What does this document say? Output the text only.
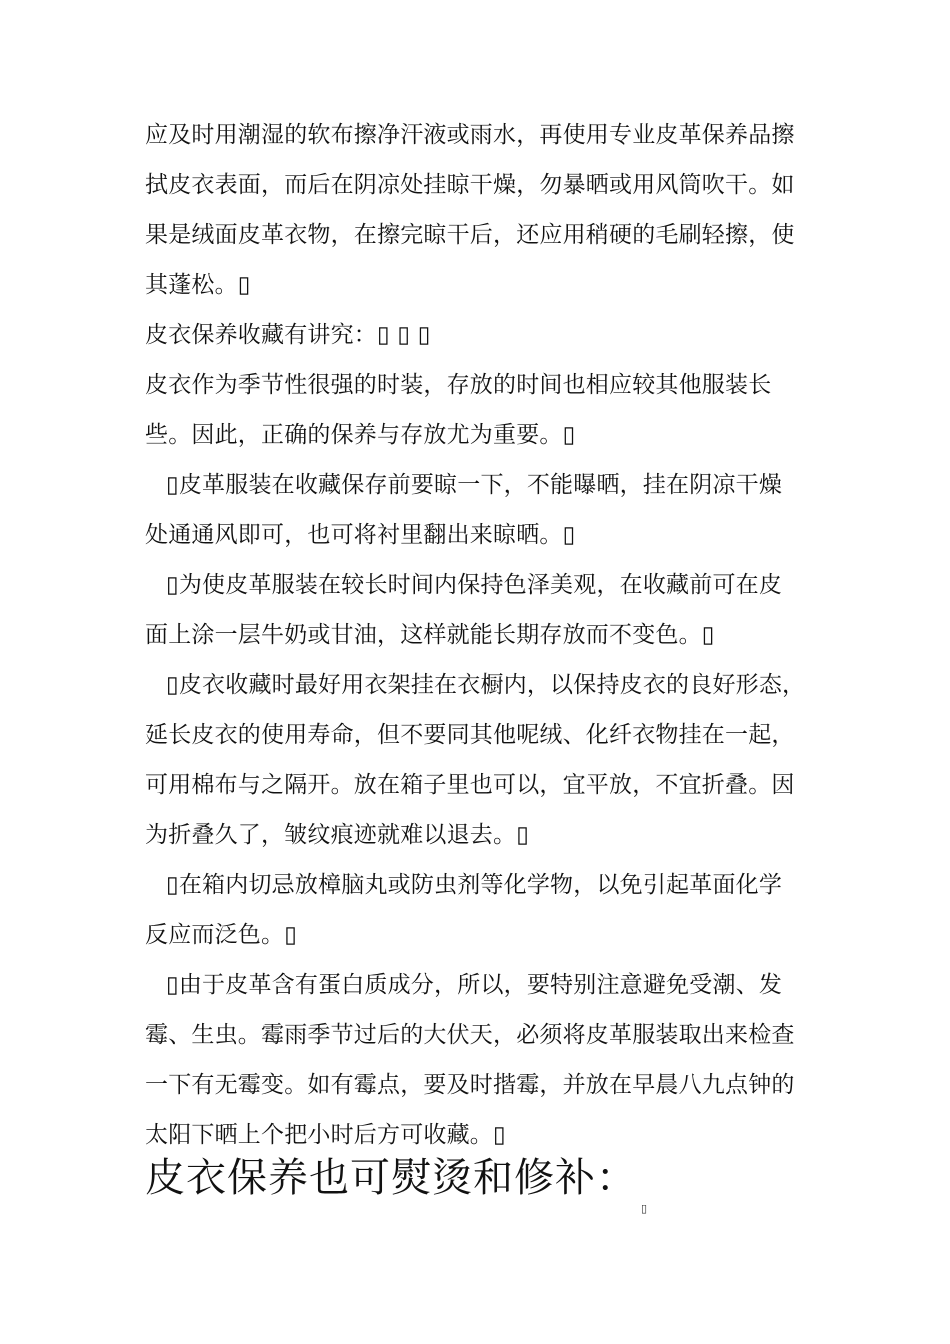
应及时用潮湿的软布擦净汗液或雨水，再使用专业皮革保养品擦
拭皮衣表面，而后在阴凉处挂晾干燥，勿暴晒或用风筒吹干。如
果是绒面皮革衣物，在擦完晾干后，还应用稍硬的毛刷轻擦，使
其蓬松。▯
皮衣保养收藏有讲究：▯ ▯ ▯
皮衣作为季节性很强的时装，存放的时间也相应较其他服装长
些。因此，正确的保养与存放尤为重要。▯
▯皮革服装在收藏保存前要晾一下，不能曝晒，挂在阴凉干燥
处通通风即可，也可将衬里翻出来晾晒。▯
▯为使皮革服装在较长时间内保持色泽美观，在收藏前可在皮
面上涂一层牛奶或甘油，这样就能长期存放而不变色。▯
▯皮衣收藏时最好用衣架挂在衣橱内，以保持皮衣的良好形态，
延长皮衣的使用寿命，但不要同其他呢绒、化纤衣物挂在一起，
可用棉布与之隔开。放在箱子里也可以，宜平放，不宜折叠。因
为折叠久了，皱纹痕迹就难以退去。▯
▯在箱内切忌放樟脑丸或防虫剂等化学物，以免引起革面化学
反应而泛色。▯
▯由于皮革含有蛋白质成分，所以，要特别注意避免受潮、发
霉、生虫。霉雨季节过后的大伏天，必须将皮革服装取出来检查
一下有无霉变。如有霉点，要及时揩霉，并放在早晨八九点钟的
太阳下晒上个把小时后方可收藏。▯
皮衣保养也可熨烫和修补：
▯
